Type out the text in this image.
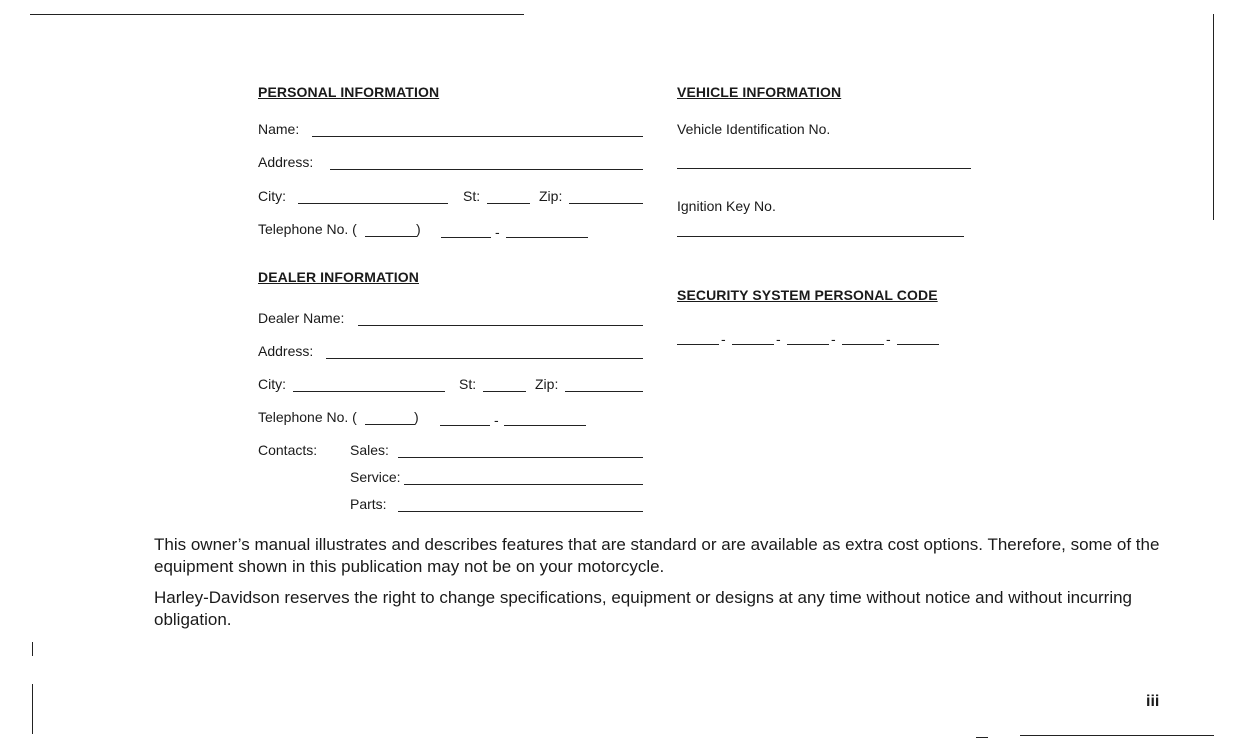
PERSONAL INFORMATION
Name:
Address:
City:	St:	Zip:
Telephone No. (	)	-
DEALER INFORMATION
Dealer Name:
Address:
City:	St:	Zip:
Telephone No. (	)	-
Contacts: Sales:
Service:
Parts:
VEHICLE INFORMATION
Vehicle Identification No.
Ignition Key No.
SECURITY SYSTEM PERSONAL CODE
-	-	-	-
This owner’s manual illustrates and describes features that are standard or are available as extra cost options. Therefore, some of the equipment shown in this publication may not be on your motorcycle.
Harley-Davidson reserves the right to change specifications, equipment or designs at any time without notice and without incurring obligation.
iii
